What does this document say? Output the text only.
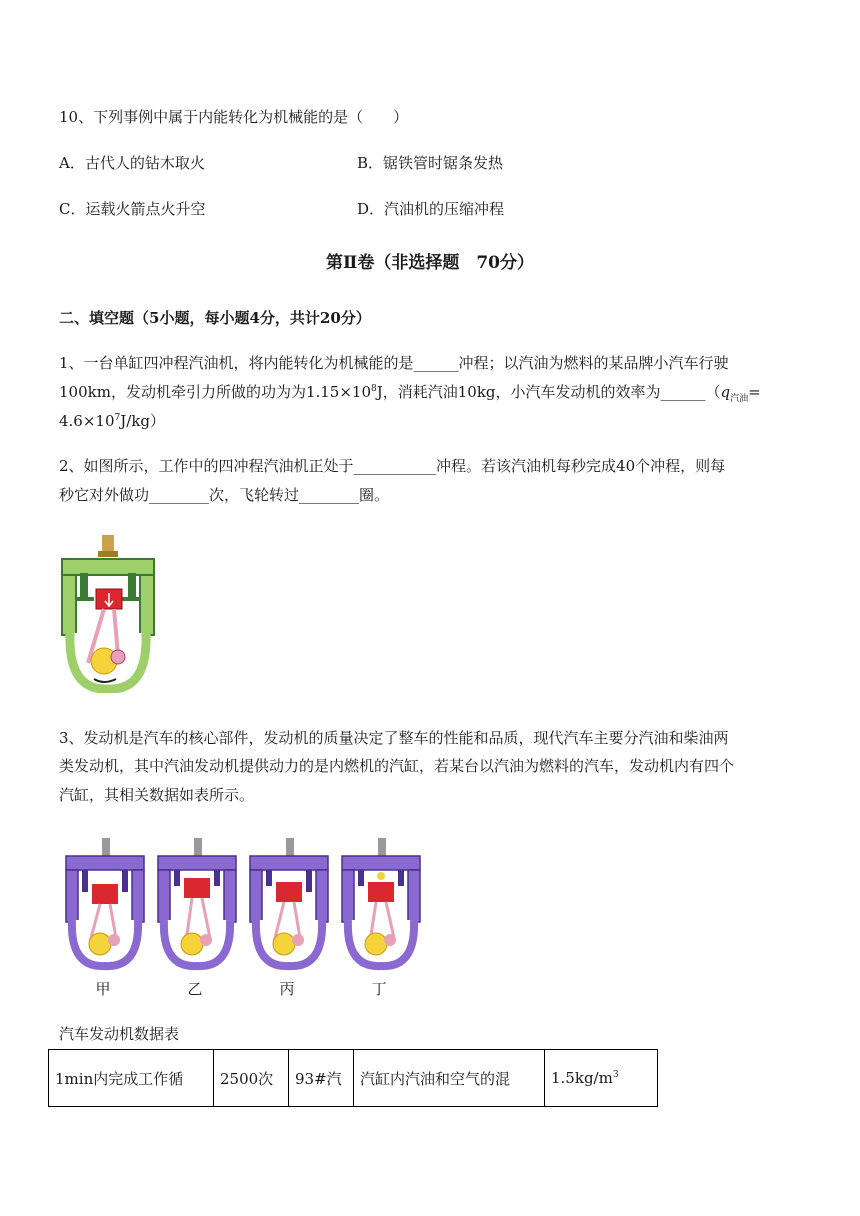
10、下列事例中属于内能转化为机械能的是（　　）
A．古代人的钻木取火	B．锯铁管时锯条发热
C．运载火箭点火升空	D．汽油机的压缩冲程
第Ⅱ卷（非选择题　70分）
二、填空题（5小题，每小题4分，共计20分）
1、一台单缸四冲程汽油机，将内能转化为机械能的是______冲程；以汽油为燃料的某品牌小汽车行驶
100km，发动机牵引力所做的功为为$1.15\times 10^8J$，消耗汽油10kg，小汽车发动机的效率为$\_\_\_\_\_\_(q_{汽油}=$
$4.6\times 10^7J/kg$）
2、如图所示，工作中的四冲程汽油机正处于___________冲程。若该汽油机每秒完成40个冲程，则每
秒它对外做功________次，飞轮转过________圈。
3、发动机是汽车的核心部件，发动机的质量决定了整车的性能和品质，现代汽车主要分汽油和柴油两
类发动机，其中汽油发动机提供动力的是内燃机的汽缸，若某台以汽油为燃料的汽车，发动机内有四个
汽缸，其相关数据如表所示。
甲	乙	丙	丁
汽车发动机数据表
1min内完成工作循	2500次	93#汽	汽缸内汽油和空气的混	$1.5kg/m^3$
